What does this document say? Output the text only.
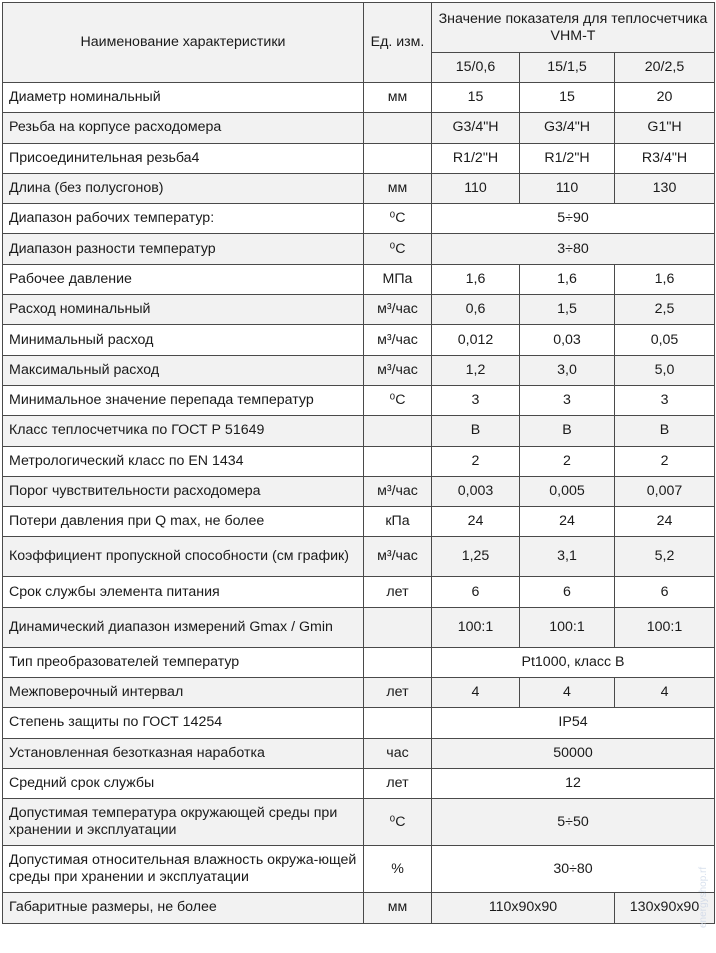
Наименование характеристики	Ед. изм.	Значение показателя для теплосчетчика VHM-T		
		15/0,6	15/1,5	20/2,5
Диаметр номинальный	мм	15	15	20
Резьба на корпусе расходомера		G3/4"H	G3/4"H	G1"H
Присоединительная резьба4		R1/2"H	R1/2"H	R3/4"H
Длина (без полусгонов)	мм	110	110	130
Диапазон рабочих температур:	⁰С	5÷90		
Диапазон разности температур	⁰С	3÷80		
Рабочее давление	МПа	1,6	1,6	1,6
Расход номинальный	м³/час	0,6	1,5	2,5
Минимальный расход	м³/час	0,012	0,03	0,05
Максимальный расход	м³/час	1,2	3,0	5,0
Минимальное значение перепада температур	⁰С	3	3	3
Класс теплосчетчика по ГОСТ Р 51649		В	В	В
Метрологический класс по EN 1434		2	2	2
Порог чувствительности расходомера	м³/час	0,003	0,005	0,007
Потери давления при Q max, не более	кПа	24	24	24
Коэффициент пропускной способности (см график)	м³/час	1,25	3,1	5,2
Срок службы элемента питания	лет	6	6	6
Динамический диапазон измерений Gmax / Gmin		100:1	100:1	100:1
Тип преобразователей температур		Pt1000, класс В		
Межповерочный интервал	лет	4	4	4
Степень защиты по ГОСТ 14254		IP54		
Установленная безотказная наработка	час	50000		
Средний срок службы	лет	12		
Допустимая температура окружающей среды при хранении и эксплуатации	⁰С	5÷50		
Допустимая относительная влажность окружа-ющей среды при хранении и эксплуатации	%	30÷80		
Габаритные размеры, не более	мм	110х90х90		130х90х90
energyshop.rf
